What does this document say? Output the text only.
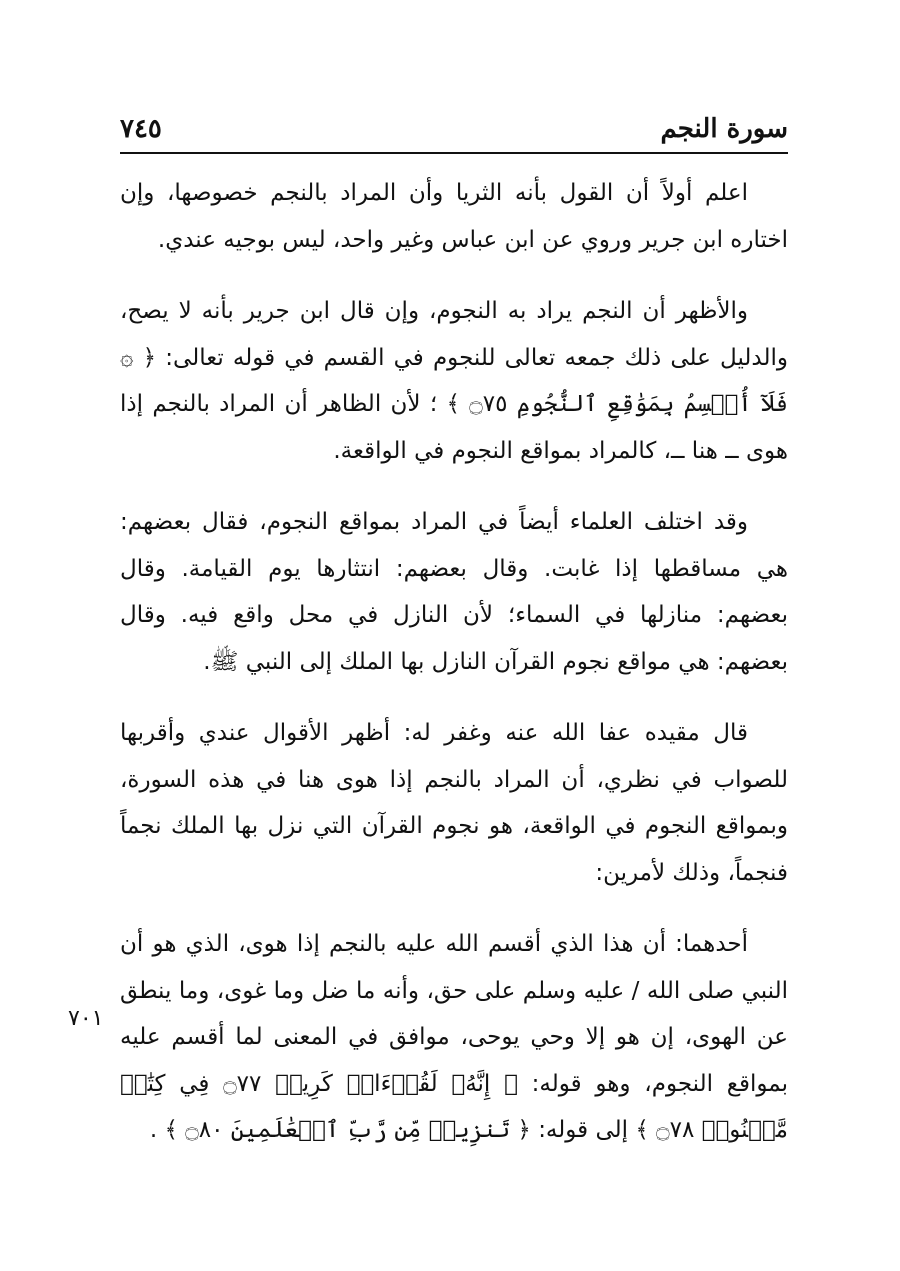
سورة النجم
٧٤٥

اعلم أولاً أن القول بأنه الثريا وأن المراد بالنجم خصوصها، وإن اختاره ابن جرير وروي عن ابن عباس وغير واحد، ليس بوجيه عندي.

والأظهر أن النجم يراد به النجوم، وإن قال ابن جرير بأنه لا يصح، والدليل على ذلك جمعه تعالى للنجوم في القسم في قوله تعالى: ﴿ ۞ فَلَآ أُقۡسِمُ بِمَوَٰقِعِ ٱلنُّجُومِ ۝٧٥ ﴾ ؛ لأن الظاهر أن المراد بالنجم إذا هوى ــ هنا ــ، كالمراد بمواقع النجوم في الواقعة.

وقد اختلف العلماء أيضاً في المراد بمواقع النجوم، فقال بعضهم: هي مساقطها إذا غابت. وقال بعضهم: انتثارها يوم القيامة. وقال بعضهم: منازلها في السماء؛ لأن النازل في محل واقع فيه. وقال بعضهم: هي مواقع نجوم القرآن النازل بها الملك إلى النبي ﷺ.

قال مقيده عفا الله عنه وغفر له: أظهر الأقوال عندي وأقربها للصواب في نظري، أن المراد بالنجم إذا هوى هنا في هذه السورة، وبمواقع النجوم في الواقعة، هو نجوم القرآن التي نزل بها الملك نجماً فنجماً، وذلك لأمرين:

أحدهما: أن هذا الذي أقسم الله عليه بالنجم إذا هوى، الذي هو أن النبي صلى الله / عليه وسلم على حق، وأنه ما ضل وما غوى، وما ينطق عن الهوى، إن هو إلا وحي يوحى، موافق في المعنى لما أقسم عليه بمواقع النجوم، وهو قوله: ﴿ إِنَّهُۥ لَقُرۡءَانٞ كَرِيمٞ ۝٧٧ فِي كِتَٰبٖ مَّكۡنُونٖ ۝٧٨ ﴾ إلى قوله: ﴿ تَنزِيلٞ مِّن رَّبِّ ٱلۡعَٰلَمِينَ ۝٨٠ ﴾ .

٧٠١
